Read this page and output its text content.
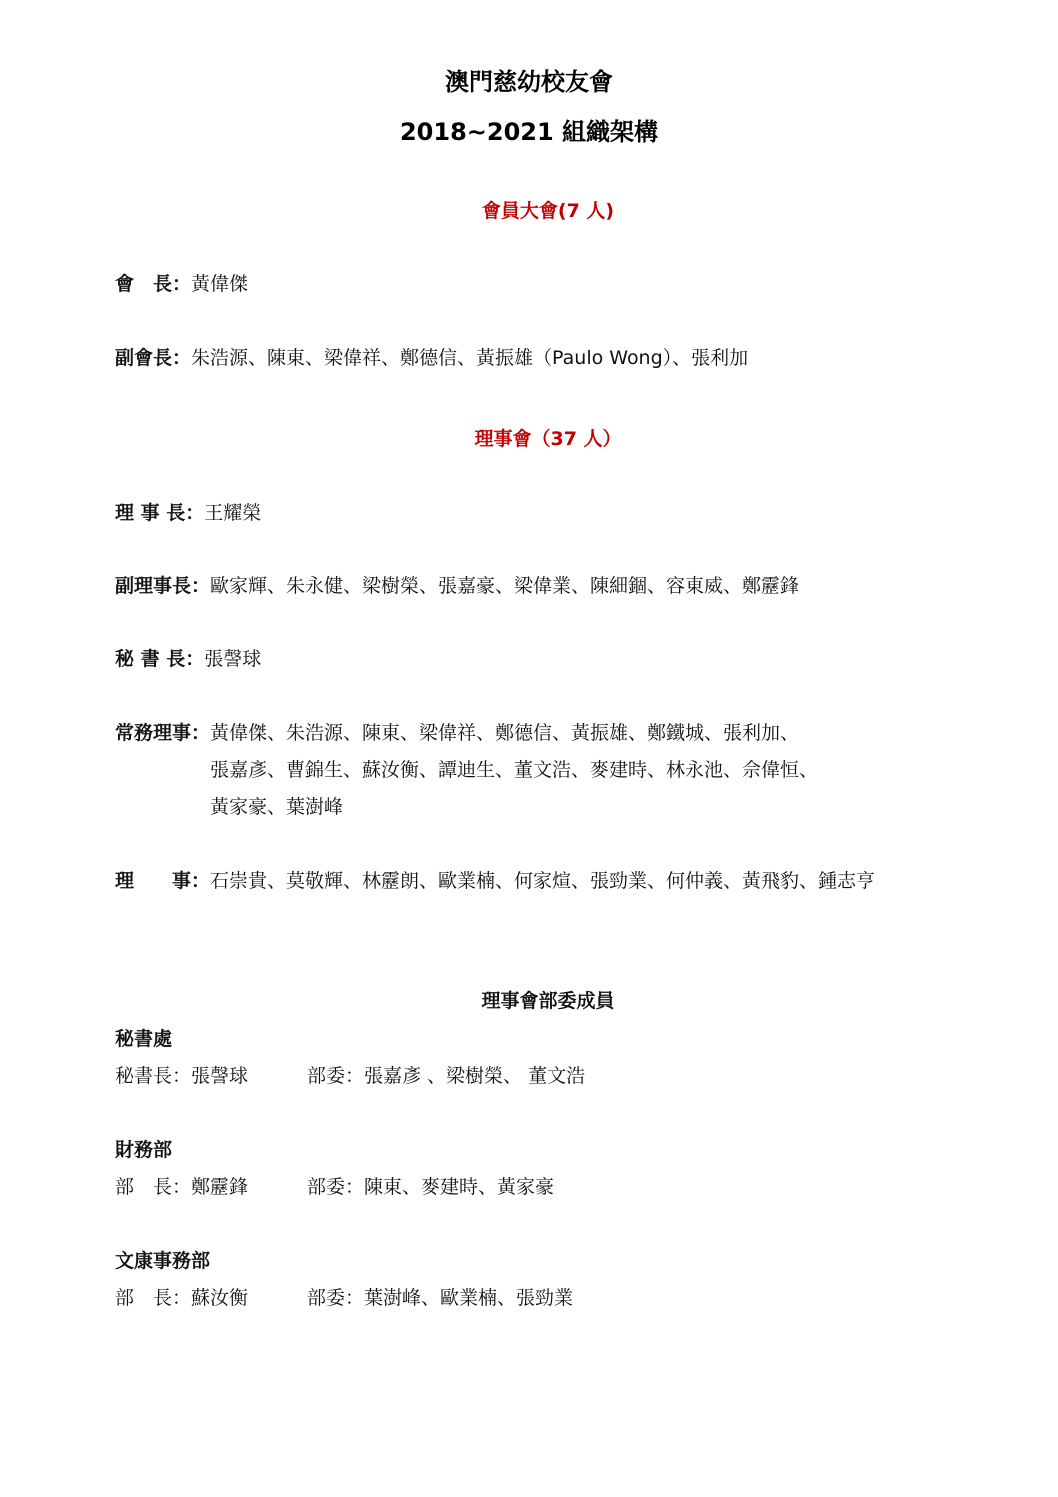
澳門慈幼校友會
2018~2021 組織架構
會員大會(7 人)
會　長：黃偉傑
副會長：朱浩源、陳東、梁偉祥、鄭德信、黃振雄（Paulo Wong）、張利加
理事會（37 人）
理 事 長：王耀榮
副理事長：歐家輝、朱永健、梁樹榮、張嘉豪、梁偉業、陳細錮、容東威、鄭靂鋒
秘 書 長：張謦球
常務理事： 黃偉傑、朱浩源、陳東、梁偉祥、鄭德信、黃振雄、鄭鐵城、張利加、
張嘉彥、曹錦生、蘇汝衡、譚迪生、董文浩、麥建時、林永池、佘偉恒、
黃家豪、葉澍峰
理　　事：石崇貴、莫敬輝、林靂朗、歐業楠、何家煊、張勁業、何仲義、黃飛豹、鍾志亨
理事會部委成員
秘書處
秘書長：張謦球	部委：張嘉彥 、梁樹榮、 董文浩
財務部
部　長：鄭靂鋒	部委：陳東、麥建時、黃家豪
文康事務部
部　長：蘇汝衡	部委：葉澍峰、歐業楠、張勁業
